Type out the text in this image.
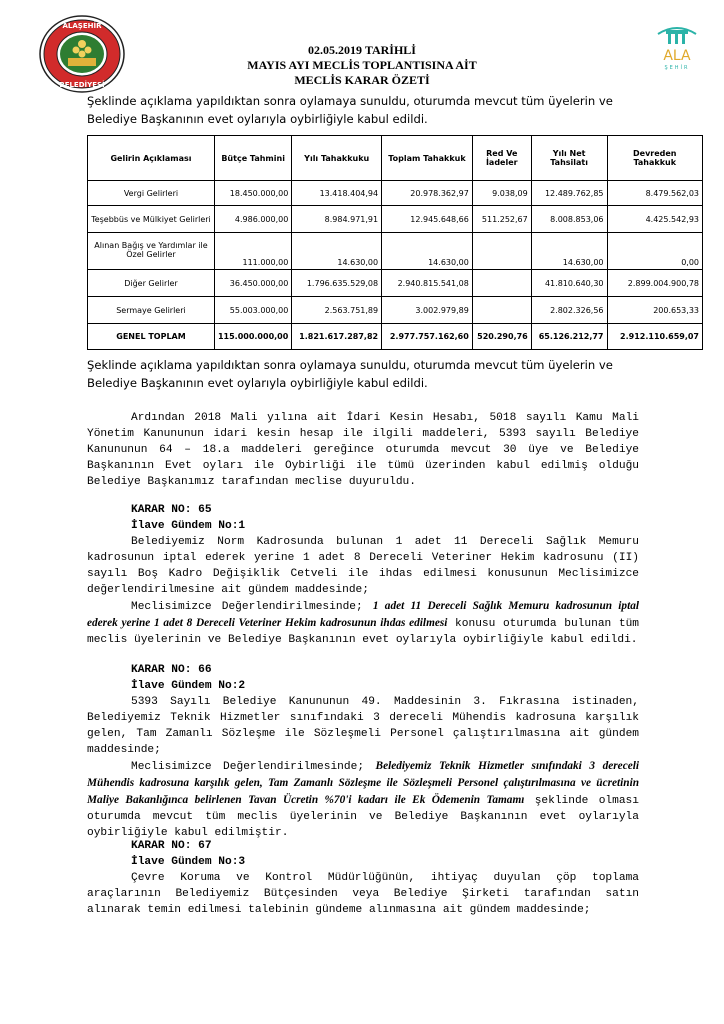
ALAŞEHİR
BELEDİYESİ
ALA
ŞEHİR
02.05.2019 TARİHLİ
MAYIS AYI MECLİS TOPLANTISINA AİT
MECLİS KARAR ÖZETİ
Şeklinde açıklama yapıldıktan sonra oylamaya sunuldu, oturumda mevcut tüm üyelerin ve Belediye Başkanının evet oylarıyla oybirliğiyle kabul edildi.
Gelirin Açıklaması	Bütçe Tahmini	Yılı Tahakkuku	Toplam Tahakkuk	Red Ve İadeler	Yılı Net Tahsilatı	Devreden Tahakkuk
Vergi Gelirleri	18.450.000,00	13.418.404,94	20.978.362,97	9.038,09	12.489.762,85	8.479.562,03
Teşebbüs ve Mülkiyet Gelirleri	4.986.000,00	8.984.971,91	12.945.648,66	511.252,67	8.008.853,06	4.425.542,93
Alınan Bağış ve Yardımlar ile Özel Gelirler	111.000,00	14.630,00	14.630,00		14.630,00	0,00
Diğer Gelirler	36.450.000,00	1.796.635.529,08	2.940.815.541,08		41.810.640,30	2.899.004.900,78
Sermaye Gelirleri	55.003.000,00	2.563.751,89	3.002.979,89		2.802.326,56	200.653,33
GENEL TOPLAM	115.000.000,00	1.821.617.287,82	2.977.757.162,60	520.290,76	65.126.212,77	2.912.110.659,07
Şeklinde açıklama yapıldıktan sonra oylamaya sunuldu, oturumda mevcut tüm üyelerin ve Belediye Başkanının evet oylarıyla oybirliğiyle kabul edildi.
Ardından 2018 Mali yılına ait İdari Kesin Hesabı, 5018 sayılı Kamu Mali Yönetim Kanununun idari kesin hesap ile ilgili maddeleri, 5393 sayılı Belediye Kanununun 64 – 18.a maddeleri gereğince oturumda mevcut 30 üye ve Belediye Başkanının Evet oyları ile Oybirliği ile tümü üzerinden kabul edilmiş olduğu Belediye Başkanımız tarafından meclise duyuruldu.
KARAR NO: 65
İlave Gündem No:1
Belediyemiz Norm Kadrosunda bulunan 1 adet 11 Dereceli Sağlık Memuru kadrosunun iptal ederek yerine 1 adet 8 Dereceli Veteriner Hekim kadrosunu (II) sayılı Boş Kadro Değişiklik Cetveli ile ihdas edilmesi konusunun Meclisimizce değerlendirilmesine ait gündem maddesinde;
Meclisimizce Değerlendirilmesinde; 1 adet 11 Dereceli Sağlık Memuru kadrosunun iptal ederek yerine 1 adet 8 Dereceli Veteriner Hekim kadrosunun ihdas edilmesi konusu oturumda bulunan tüm meclis üyelerinin ve Belediye Başkanının evet oylarıyla oybirliğiyle kabul edildi.
KARAR NO: 66
İlave Gündem No:2
5393 Sayılı Belediye Kanununun 49. Maddesinin 3. Fıkrasına istinaden, Belediyemiz Teknik Hizmetler sınıfındaki 3 dereceli Mühendis kadrosuna karşılık gelen, Tam Zamanlı Sözleşme ile Sözleşmeli Personel çalıştırılmasına ait gündem maddesinde;
Meclisimizce Değerlendirilmesinde; Belediyemiz Teknik Hizmetler sınıfındaki 3 dereceli Mühendis kadrosuna karşılık gelen, Tam Zamanlı Sözleşme ile Sözleşmeli Personel çalıştırılmasına ve ücretinin Maliye Bakanlığınca belirlenen Tavan Ücretin %70'i kadarı ile Ek Ödemenin Tamamı şeklinde olması oturumda mevcut tüm meclis üyelerinin ve Belediye Başkanının evet oylarıyla oybirliğiyle kabul edilmiştir.
KARAR NO: 67
İlave Gündem No:3
Çevre Koruma ve Kontrol Müdürlüğünün, ihtiyaç duyulan çöp toplama araçlarının Belediyemiz Bütçesinden veya Belediye Şirketi tarafından satın alınarak temin edilmesi talebinin gündeme alınmasına ait gündem maddesinde;
